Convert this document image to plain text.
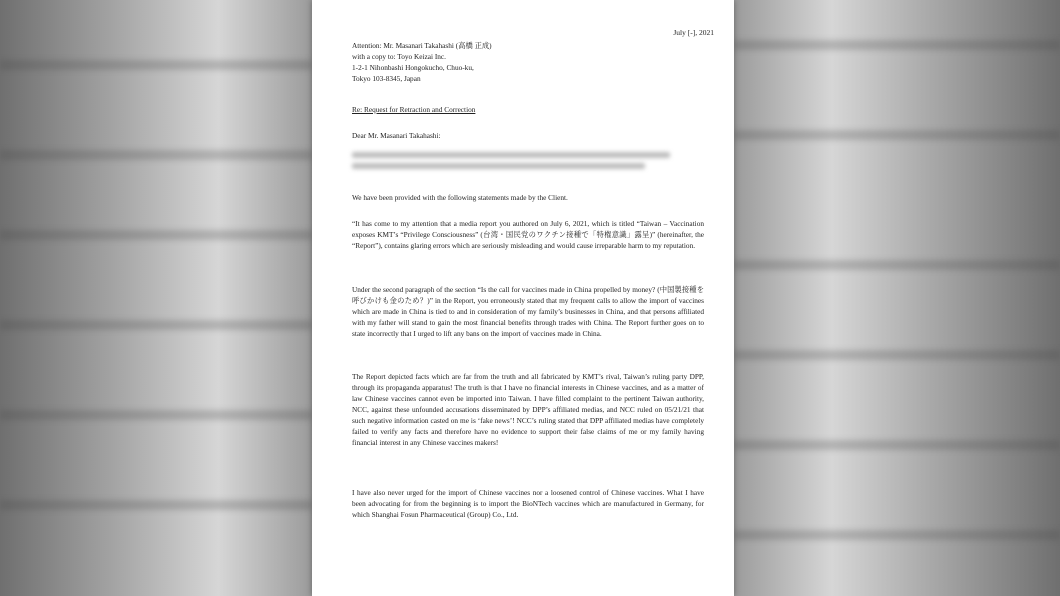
July [-], 2021
Attention: Mr. Masanari Takahashi (高橋 正成)
with a copy to: Toyo Keizai Inc.
1-2-1 Nihonbashi Hongokucho, Chuo-ku,
Tokyo 103-8345, Japan
Re: Request for Retraction and Correction
Dear Mr. Masanari Takahashi:
We have been provided with the following statements made by the Client.
“It has come to my attention that a media report you authored on July 6, 2021, which is titled “Taiwan – Vaccination exposes KMT’s “Privilege Consciousness” (台湾・国民党のワクチン接種で「特権意識」露呈)” (hereinafter, the “Report”), contains glaring errors which are seriously misleading and would cause irreparable harm to my reputation.
Under the second paragraph of the section “Is the call for vaccines made in China propelled by money? (中国製接種を呼びかけも金のため？)” in the Report, you erroneously stated that my frequent calls to allow the import of vaccines which are made in China is tied to and in consideration of my family’s businesses in China, and that persons affiliated with my father will stand to gain the most financial benefits through trades with China. The Report further goes on to state incorrectly that I urged to lift any bans on the import of vaccines made in China.
The Report depicted facts which are far from the truth and all fabricated by KMT’s rival, Taiwan’s ruling party DPP, through its propaganda apparatus! The truth is that I have no financial interests in Chinese vaccines, and as a matter of law Chinese vaccines cannot even be imported into Taiwan. I have filled complaint to the pertinent Taiwan authority, NCC, against these unfounded accusations disseminated by DPP’s affiliated medias, and NCC ruled on 05/21/21 that such negative information casted on me is ‘fake news’! NCC’s ruling stated that DPP affiliated medias have completely failed to verify any facts and therefore have no evidence to support their false claims of me or my family having financial interest in any Chinese vaccines makers!
I have also never urged for the import of Chinese vaccines nor a loosened control of Chinese vaccines. What I have been advocating for from the beginning is to import the BioNTech vaccines which are manufactured in Germany, for which Shanghai Fosun Pharmaceutical (Group) Co., Ltd.
